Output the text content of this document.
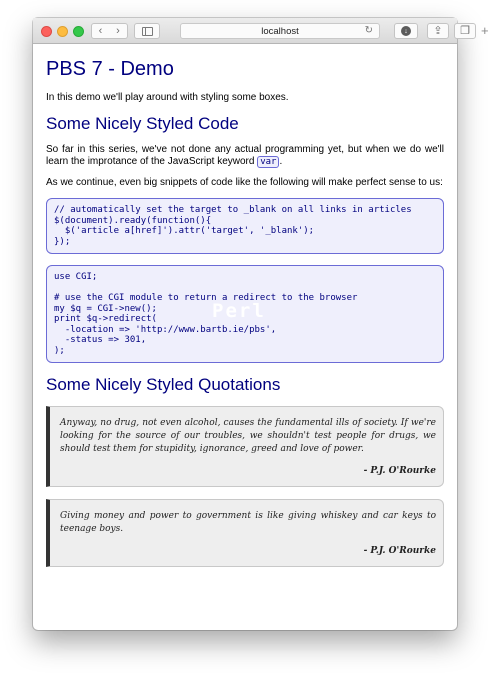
‹ ›	localhost	↻	↓ ⇪ ❐ +
PBS 7 - Demo

In this demo we'll play around with styling some boxes.

Some Nicely Styled Code

So far in this series, we've not done any actual programming yet, but when we do we'll learn the improtance of the JavaScript keyword var .

As we continue, even big snippets of code like the following will make perfect sense to us:

// automatically set the target to _blank on all links in articles
$(document).ready(function(){
$('article a[href]').attr('target', '_blank');
});
Perl
use CGI;

# use the CGI module to return a redirect to the browser
my $q = CGI->new();
print $q->redirect(
-location => 'http://www.bartb.ie/pbs',
-status => 301,
);
Some Nicely Styled Quotations
Anyway, no drug, not even alcohol, causes the fundamental ills of society. If we're looking for the source of our troubles, we shouldn't test people for drugs, we should test them for stupidity, ignorance, greed and love of power.
- P.J. O'Rourke
Giving money and power to government is like giving whiskey and car keys to teenage boys.
- P.J. O'Rourke
